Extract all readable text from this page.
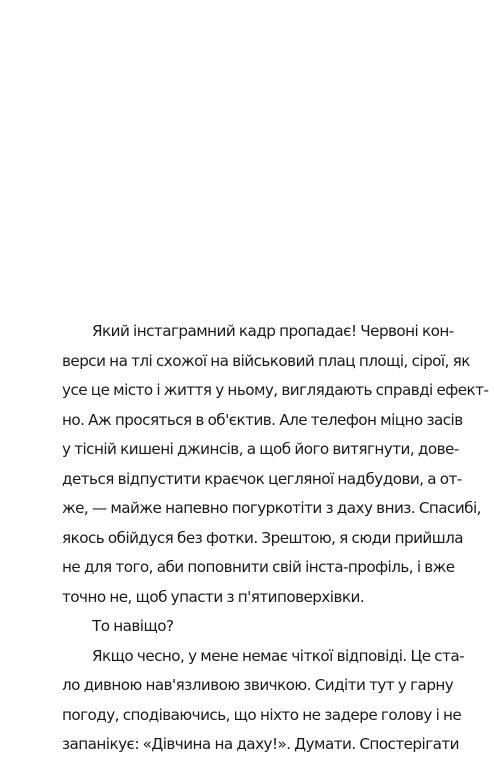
Який інстаграмний кадр пропадає! Червоні кон-
верси на тлі схожої на військовий плац площі, сірої, як
усе це місто і життя у ньому, виглядають справді ефект-
но. Аж просяться в об'єктив. Але телефон міцно засів
у тісній кишені джинсів, а щоб його витягнути, дове-
деться відпустити краєчок цегляної надбудови, а от-
же, — майже напевно погуркотіти з даху вниз. Спасибі,
якось обійдуся без фотки. Зрештою, я сюди прийшла
не для того, аби поповнити свій інста-профіль, і вже
точно не, щоб упасти з п'ятиповерхівки.
То навіщо?
Якщо чесно, у мене немає чіткої відповіді. Це ста-
ло дивною нав'язливою звичкою. Сидіти тут у гарну
погоду, сподіваючись, що ніхто не задере голову і не
запанікує: «Дівчина на даху!». Думати. Спостерігати
